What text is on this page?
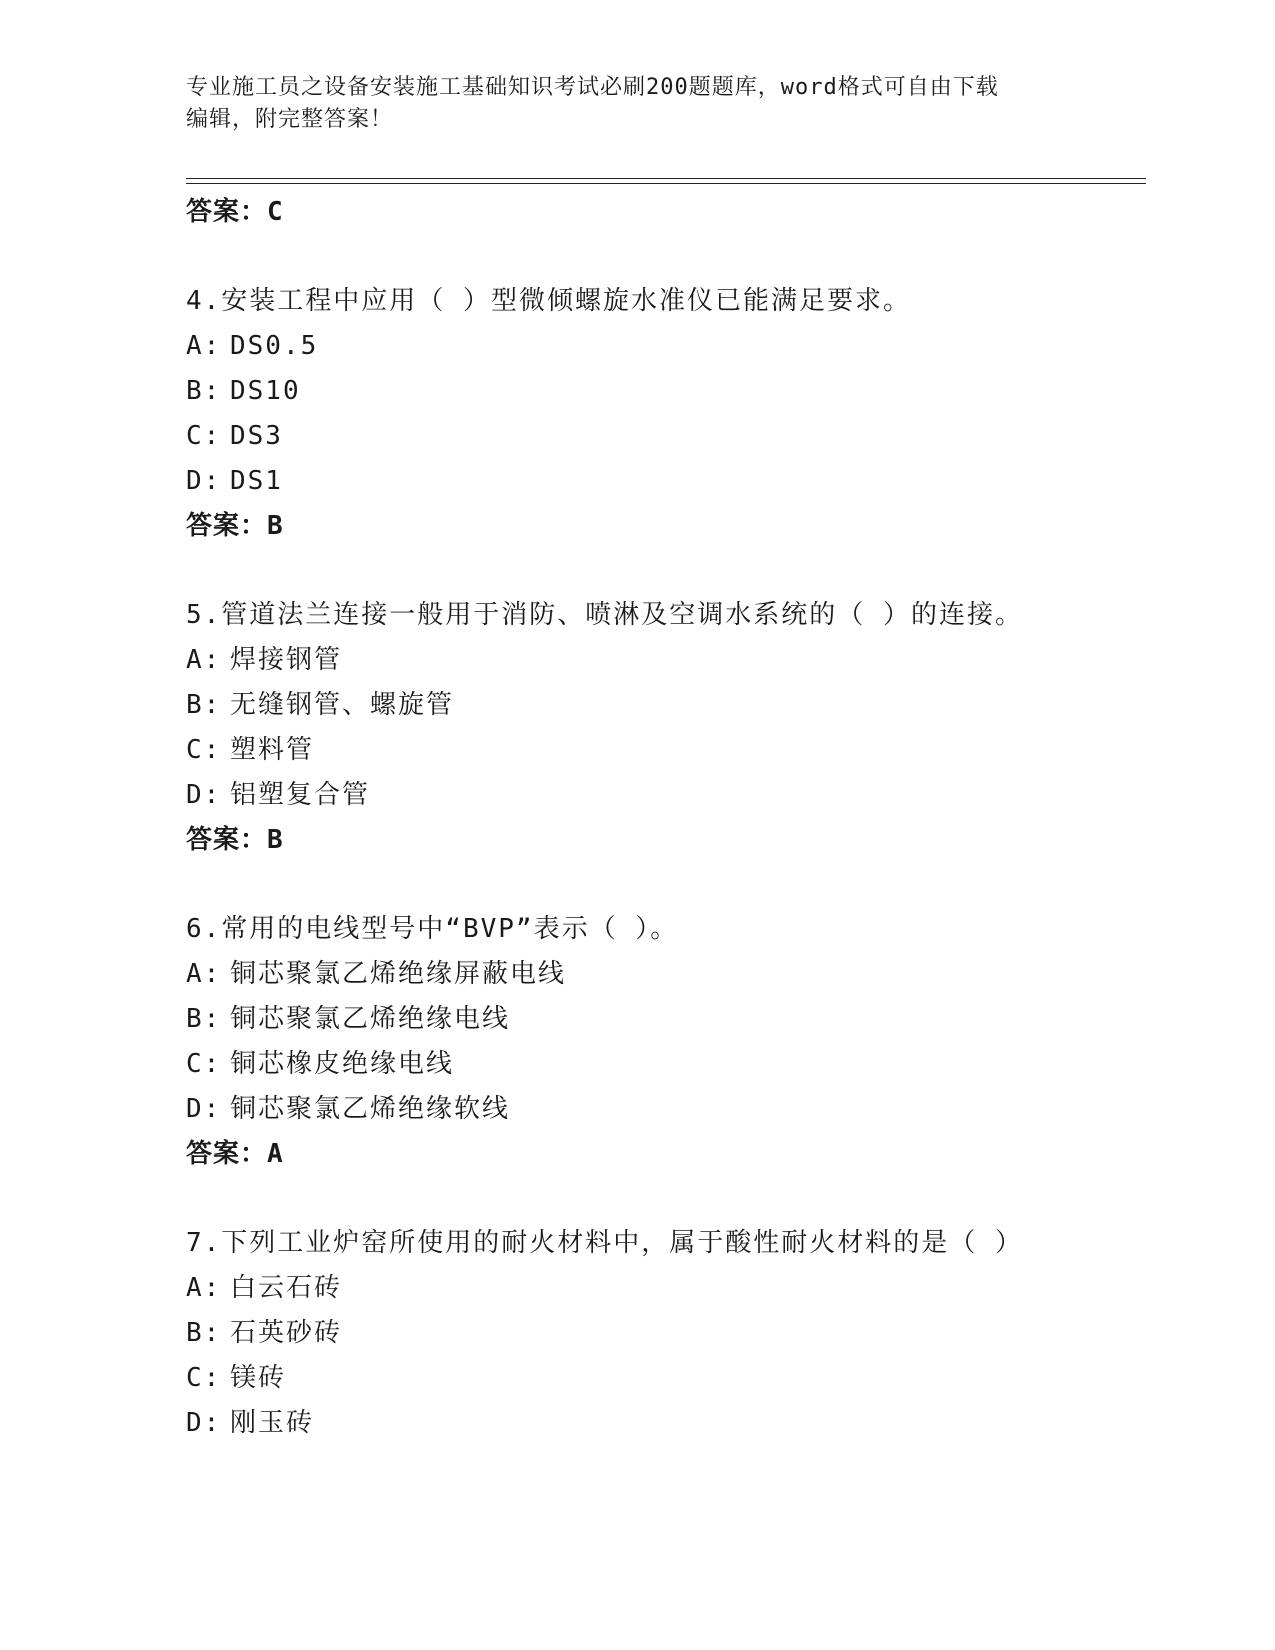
专业施工员之设备安装施工基础知识考试必刷200题题库，word格式可自由下载
编辑，附完整答案！
答案：C
4.安装工程中应用（ ）型微倾螺旋水准仪已能满足要求。
A: DS0.5
B: DS10
C: DS3
D: DS1
答案：B
5.管道法兰连接一般用于消防、喷淋及空调水系统的（ ）的连接。
A: 焊接钢管
B: 无缝钢管、螺旋管
C: 塑料管
D: 铝塑复合管
答案：B
6.常用的电线型号中“BVP”表示（ ）。
A: 铜芯聚氯乙烯绝缘屏蔽电线
B: 铜芯聚氯乙烯绝缘电线
C: 铜芯橡皮绝缘电线
D: 铜芯聚氯乙烯绝缘软线
答案：A
7.下列工业炉窑所使用的耐火材料中，属于酸性耐火材料的是（ ）
A: 白云石砖
B: 石英砂砖
C: 镁砖
D: 刚玉砖
